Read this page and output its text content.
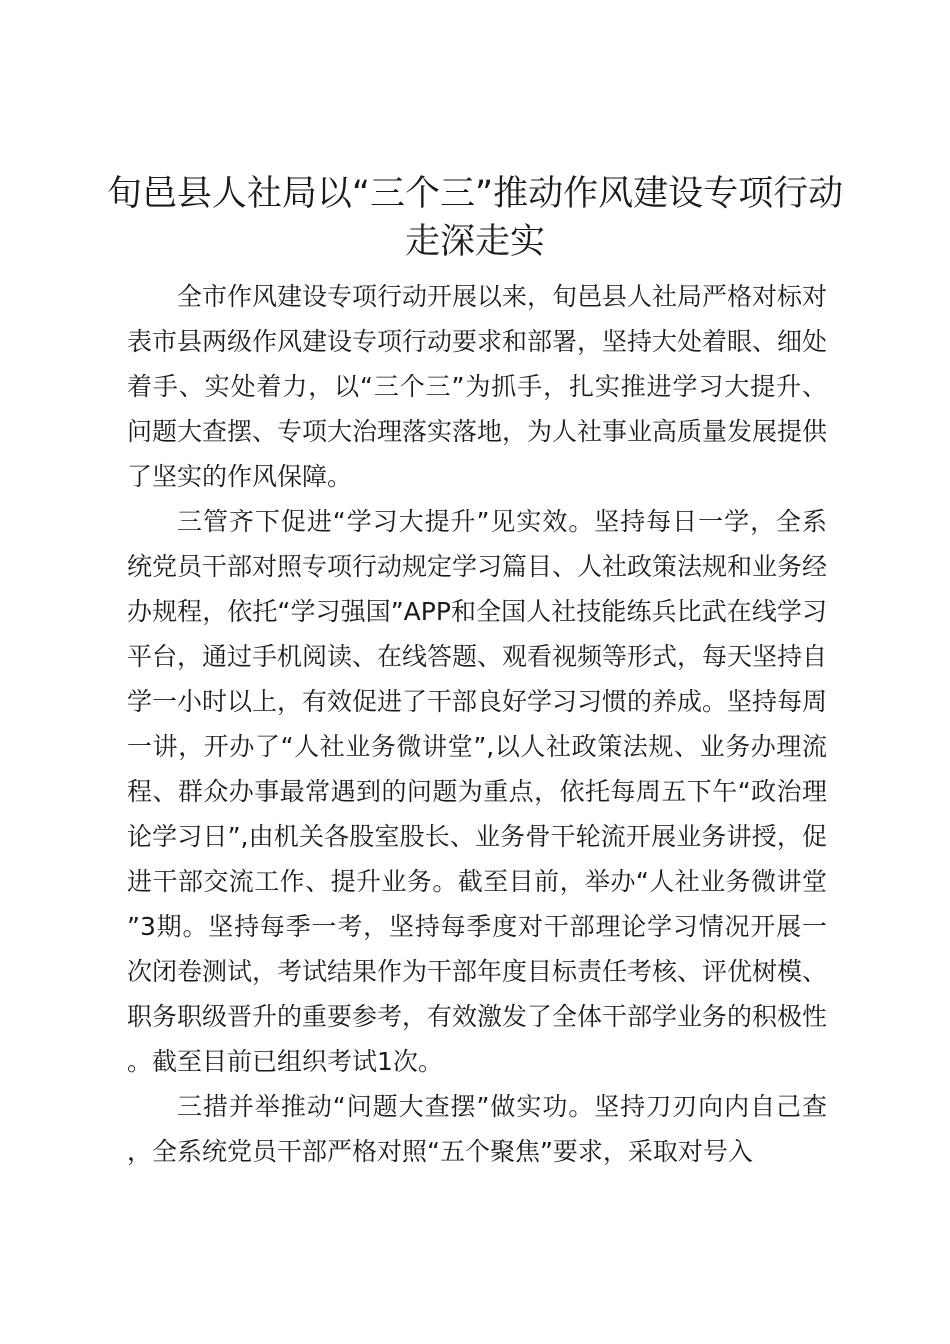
旬邑县人社局以“三个三”推动作风建设专项行动走深走实

全市作风建设专项行动开展以来，旬邑县人社局严格对标对表市县两级作风建设专项行动要求和部署，坚持大处着眼、细处着手、实处着力，以“三个三”为抓手，扎实推进学习大提升、问题大查摆、专项大治理落实落地，为人社事业高质量发展提供了坚实的作风保障。

三管齐下促进“学习大提升”见实效。坚持每日一学，全系统党员干部对照专项行动规定学习篇目、人社政策法规和业务经办规程，依托“学习强国”APP和全国人社技能练兵比武在线学习平台，通过手机阅读、在线答题、观看视频等形式，每天坚持自学一小时以上，有效促进了干部良好学习习惯的养成。坚持每周一讲，开办了“人社业务微讲堂”,以人社政策法规、业务办理流程、群众办事最常遇到的问题为重点，依托每周五下午“政治理论学习日”,由机关各股室股长、业务骨干轮流开展业务讲授，促进干部交流工作、提升业务。截至目前，举办“人社业务微讲堂”3期。坚持每季一考，坚持每季度对干部理论学习情况开展一次闭卷测试，考试结果作为干部年度目标责任考核、评优树模、职务职级晋升的重要参考，有效激发了全体干部学业务的积极性。截至目前已组织考试1次。

三措并举推动“问题大查摆”做实功。坚持刀刃向内自己查，全系统党员干部严格对照“五个聚焦”要求，采取对号入
